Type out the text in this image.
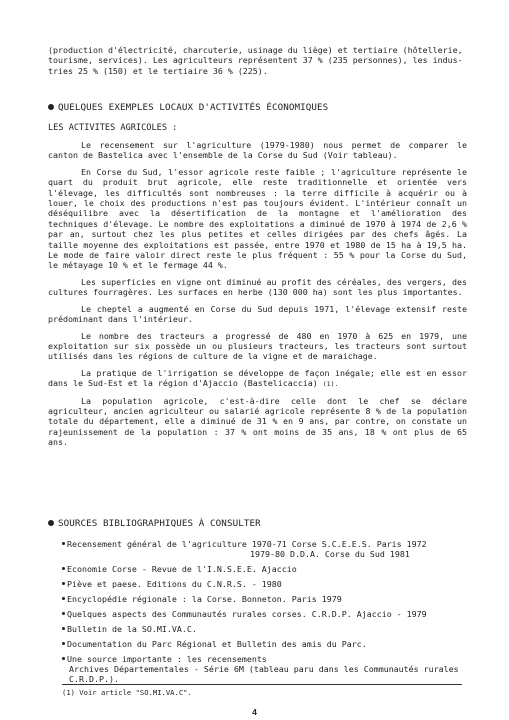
(production d'électricité, charcuterie, usinage du liège) et tertiaire (hôtellerie,
tourisme, services). Les agriculteurs représentent 37 % (235 personnes), les indus-
tries 25 % (150) et le tertiaire 36 % (225).
QUELQUES EXEMPLES LOCAUX D'ACTIVITÉS ÉCONOMIQUES
LES ACTIVITES AGRICOLES :

Le recensement sur l'agriculture (1979-1980) nous permet de comparer le canton de Bastelica avec l'ensemble de la Corse du Sud (Voir tableau).

En Corse du Sud, l'essor agricole reste faible ; l'agriculture représente le quart du produit brut agricole, elle reste traditionnelle et orientée vers l'élevage, les difficultés sont nombreuses : la terre difficile à acquérir ou à louer, le choix des productions n'est pas toujours évident. L'intérieur connaît un déséquilibre avec la désertification de la montagne et l'amélioration des techniques d'élevage. Le nombre des exploitations a diminué de 1970 à 1974 de 2,6 % par an, surtout chez les plus petites et celles dirigées par des chefs âgés. La taille moyenne des exploitations est passée, entre 1970 et 1980 de 15 ha à 19,5 ha. Le mode de faire valoir direct reste le plus fréquent : 55 % pour la Corse du Sud, le métayage 10 % et le fermage 44 %.

Les superficies en vigne ont diminué au profit des céréales, des vergers, des cultures fourragères. Les surfaces en herbe (130 000 ha) sont les plus importantes.

Le cheptel a augmenté en Corse du Sud depuis 1971, l'élevage extensif reste prédominant dans l'intérieur.

Le nombre des tracteurs a progressé de 480 en 1970 à 625 en 1979, une exploitation sur six possède un ou plusieurs tracteurs, les tracteurs sont surtout utilisés dans les régions de culture de la vigne et de maraichage.

La pratique de l'irrigation se développe de façon inégale; elle est en essor dans le Sud-Est et la région d'Ajaccio (Bastelicaccia) (1).

La population agricole, c'est-à-dire celle dont le chef se déclare agriculteur, ancien agriculteur ou salarié agricole représente 8 % de la population totale du département, elle a diminué de 31 % en 9 ans, par contre, on constate un rajeunissement de la population : 37 % ont moins de 35 ans, 18 % ont plus de 65 ans.

SOURCES BIBLIOGRAPHIQUES À CONSULTER
Recensement général de l'agriculture 1970-71 Corse S.C.E.E.S. Paris 1972
1979-80 D.D.A. Corse du Sud 1981
Economie Corse - Revue de l'I.N.S.E.E. Ajaccio
Piève et paese. Editions du C.N.R.S. - 1980
Encyclopédie régionale : la Corse. Bonneton. Paris 1979
Quelques aspects des Communautés rurales corses. C.R.D.P. Ajaccio - 1979
Bulletin de la SO.MI.VA.C.
Documentation du Parc Régional et Bulletin des amis du Parc.
Une source importante : les recensements
Archives Départementales - Série 6M (tableau paru dans les Communautés rurales
C.R.D.P.).
(1) Voir article "SO.MI.VA.C".
4
